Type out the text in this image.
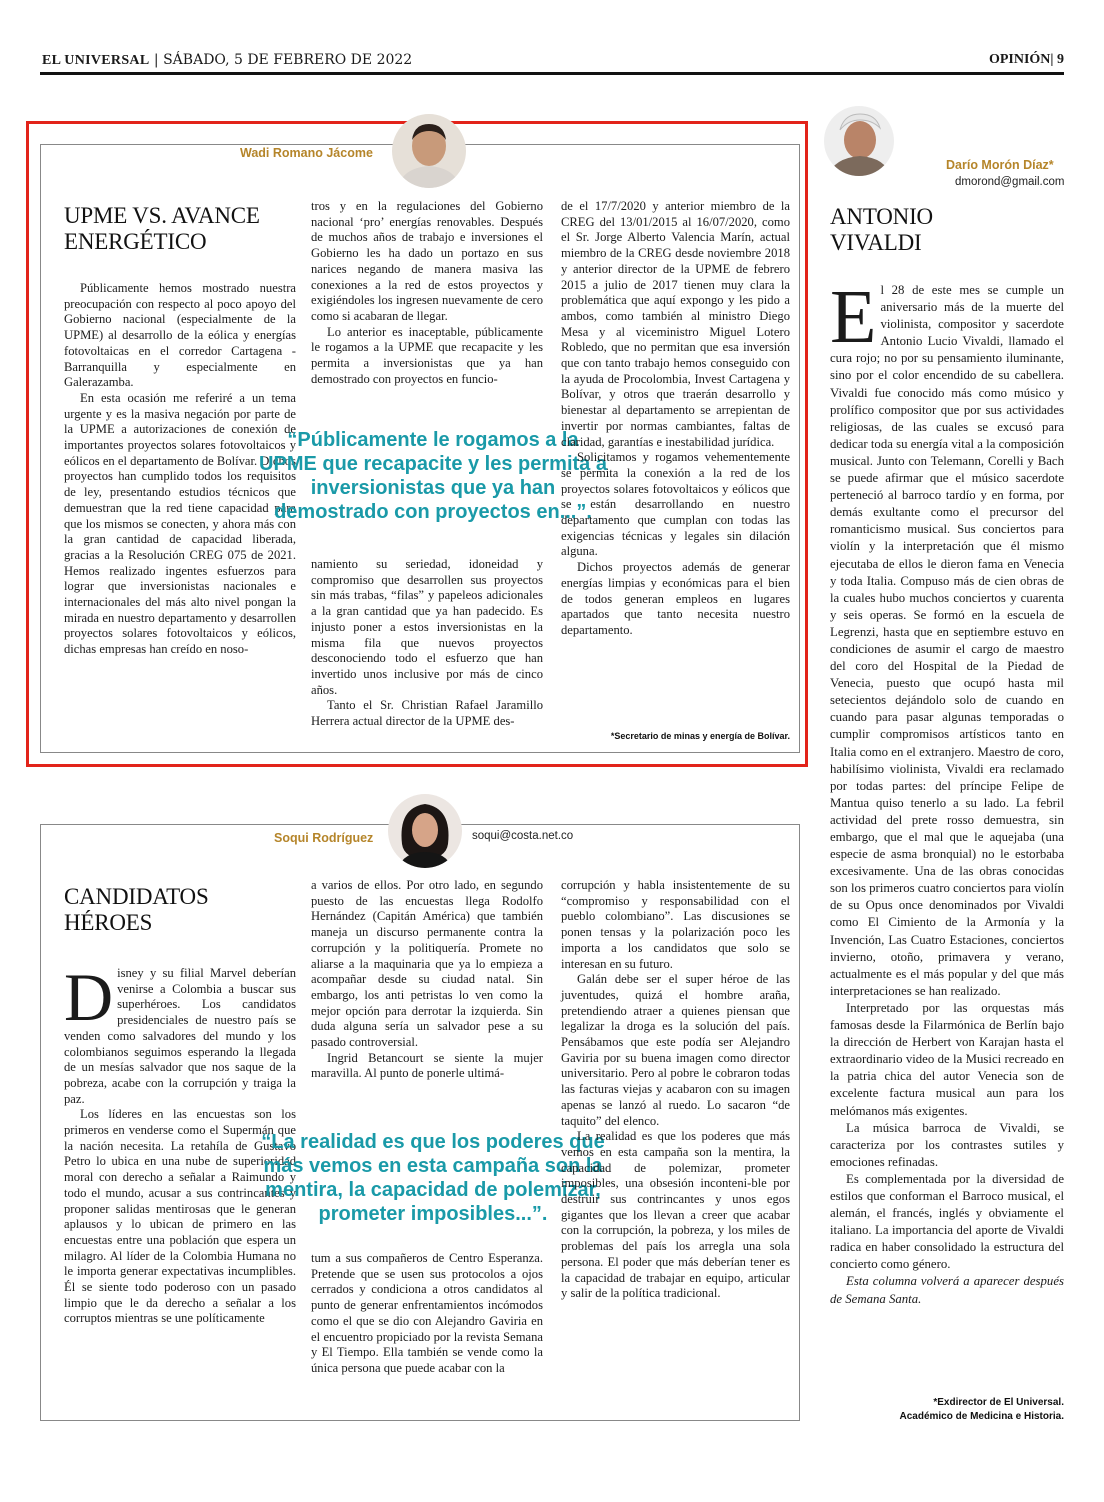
EL UNIVERSAL | SÁBADO, 5 DE FEBRERO DE 2022	OPINIÓN| 9
Wadi Romano Jácome
UPME VS. AVANCE
ENERGÉTICO

Públicamente hemos mostrado nuestra preocupación con respecto al poco apoyo del Gobierno nacional (especialmente de la UPME) al desarrollo de la eólica y energías fotovoltaicas en el corredor Cartagena - Barranquilla y especialmente en Galerazamba.

En esta ocasión me referiré a un tema urgente y es la masiva negación por parte de la UPME a autorizaciones de conexión de importantes proyectos solares fotovoltaicos y eólicos en el departamento de Bolívar. Dichos proyectos han cumplido todos los requisitos de ley, presentando estudios técnicos que demuestran que la red tiene capacidad para que los mismos se conecten, y ahora más con la gran cantidad de capacidad liberada, gracias a la Resolución CREG 075 de 2021. Hemos realizado ingentes esfuerzos para lograr que inversionistas nacionales e internacionales del más alto nivel pongan la mirada en nuestro departamento y desarrollen proyectos solares fotovoltaicos y eólicos, dichas empresas han creído en noso-

tros y en la regulaciones del Gobierno nacional ‘pro’ energías renovables. Después de muchos años de trabajo e inversiones el Gobierno les ha dado un portazo en sus narices negando de manera masiva las conexiones a la red de estos proyectos y exigiéndoles los ingresen nuevamente de cero como si acabaran de llegar.

Lo anterior es inaceptable, públicamente le rogamos a la UPME que recapacite y les permita a inversionistas que ya han demostrado con proyectos en funcio-

“Públicamente le rogamos a la UPME que recapacite y les permita a inversionistas que ya han demostrado con proyectos en...”.

namiento su seriedad, idoneidad y compromiso que desarrollen sus proyectos sin más trabas, “filas” y papeleos adicionales a la gran cantidad que ya han padecido. Es injusto poner a estos inversionistas en la misma fila que nuevos proyectos desconociendo todo el esfuerzo que han invertido unos inclusive por más de cinco años.

Tanto el Sr. Christian Rafael Jaramillo Herrera actual director de la UPME des-

de el 17/7/2020 y anterior miembro de la CREG del 13/01/2015 al 16/07/2020, como el Sr. Jorge Alberto Valencia Marín, actual miembro de la CREG desde noviembre 2018 y anterior director de la UPME de febrero 2015 a julio de 2017 tienen muy clara la problemática que aquí expongo y les pido a ambos, como también al ministro Diego Mesa y al viceministro Miguel Lotero Robledo, que no permitan que esa inversión que con tanto trabajo hemos conseguido con la ayuda de Procolombia, Invest Cartagena y Bolívar, y otros que traerán desarrollo y bienestar al departamento se arrepientan de invertir por normas cambiantes, faltas de claridad, garantías e inestabilidad jurídica.

Solicitamos y rogamos vehementemente se permita la conexión a la red de los proyectos solares fotovoltaicos y eólicos que se están desarrollando en nuestro departamento que cumplan con todas las exigencias técnicas y legales sin dilación alguna.

Dichos proyectos además de generar energías limpias y económicas para el bien de todos generan empleos en lugares apartados que tanto necesita nuestro departamento.

*Secretario de minas y energía de Bolívar.
Soqui Rodríguez	soqui@costa.net.co
CANDIDATOS
HÉROES

Disney y su filial Marvel deberían venirse a Colombia a buscar sus superhéroes. Los candidatos presidenciales de nuestro país se venden como salvadores del mundo y los colombianos seguimos esperando la llegada de un mesías salvador que nos saque de la pobreza, acabe con la corrupción y traiga la paz.

Los líderes en las encuestas son los primeros en venderse como el Supermán que la nación necesita. La retahíla de Gustavo Petro lo ubica en una nube de superioridad moral con derecho a señalar a Raimundo y todo el mundo, acusar a sus contrincantes y proponer salidas mentirosas que le generan aplausos y lo ubican de primero en las encuestas entre una población que espera un milagro. Al líder de la Colombia Humana no le importa generar expectativas incumplibles. Él se siente todo poderoso con un pasado limpio que le da derecho a señalar a los corruptos mientras se une políticamente

a varios de ellos. Por otro lado, en segundo puesto de las encuestas llega Rodolfo Hernández (Capitán América) que también maneja un discurso permanente contra la corrupción y la politiquería. Promete no aliarse a la maquinaria que ya lo empieza a acompañar desde su ciudad natal. Sin embargo, los anti petristas lo ven como la mejor opción para derrotar la izquierda. Sin duda alguna sería un salvador pese a su pasado controversial.

Ingrid Betancourt se siente la mujer maravilla. Al punto de ponerle ultimá-

“La realidad es que los poderes que más vemos en esta campaña son la mentira, la capacidad de polemizar, prometer imposibles...”.

tum a sus compañeros de Centro Esperanza. Pretende que se usen sus protocolos a ojos cerrados y condiciona a otros candidatos al punto de generar enfrentamientos incómodos como el que se dio con Alejandro Gaviria en el encuentro propiciado por la revista Semana y El Tiempo. Ella también se vende como la única persona que puede acabar con la

corrupción y habla insistentemente de su “compromiso y responsabilidad con el pueblo colombiano”. Las discusiones se ponen tensas y la polarización poco les importa a los candidatos que solo se interesan en su futuro.

Galán debe ser el super héroe de las juventudes, quizá el hombre araña, pretendiendo atraer a quienes piensan que legalizar la droga es la solución del país. Pensábamos que este podía ser Alejandro Gaviria por su buena imagen como director universitario. Pero al pobre le cobraron todas las facturas viejas y acabaron con su imagen apenas se lanzó al ruedo. Lo sacaron “de taquito” del elenco.

La realidad es que los poderes que más vemos en esta campaña son la mentira, la capacidad de polemizar, prometer imposibles, una obsesión inconteni-ble por destruir sus contrincantes y unos egos gigantes que los llevan a creer que acabar con la corrupción, la pobreza, y los miles de problemas del país los arregla una sola persona. El poder que más deberían tener es la capacidad de trabajar en equipo, articular y salir de la política tradicional.

Darío Morón Díaz*
dmorond@gmail.com
ANTONIO
VIVALDI

El 28 de este mes se cumple un aniversario más de la muerte del violinista, compositor y sacerdote Antonio Lucio Vivaldi, llamado el cura rojo; no por su pensamiento iluminante, sino por el color encendido de su cabellera. Vivaldi fue conocido más como músico y prolífico compositor que por sus actividades religiosas, de las cuales se excusó para dedicar toda su energía vital a la composición musical. Junto con Telemann, Corelli y Bach se puede afirmar que el músico sacerdote perteneció al barroco tardío y en forma, por demás exultante como el precursor del romanticismo musical. Sus conciertos para violín y la interpretación que él mismo ejecutaba de ellos le dieron fama en Venecia y toda Italia. Compuso más de cien obras de la cuales hubo muchos conciertos y cuarenta y seis operas. Se formó en la escuela de Legrenzi, hasta que en septiembre estuvo en condiciones de asumir el cargo de maestro del coro del Hospital de la Piedad de Venecia, puesto que ocupó hasta mil setecientos dejándolo solo de cuando en cuando para pasar algunas temporadas o cumplir compromisos artísticos tanto en Italia como en el extranjero. Maestro de coro, habilísimo violinista, Vivaldi era reclamado por todas partes: del príncipe Felipe de Mantua quiso tenerlo a su lado. La febril actividad del prete rosso demuestra, sin embargo, que el mal que le aquejaba (una especie de asma bronquial) no le estorbaba excesivamente. Una de las obras conocidas son los primeros cuatro conciertos para violín de su Opus once denominados por Vivaldi como El Cimiento de la Armonía y la Invención, Las Cuatro Estaciones, conciertos invierno, otoño, primavera y verano, actualmente es el más popular y del que más interpretaciones se han realizado.

Interpretado por las orquestas más famosas desde la Filarmónica de Berlín bajo la dirección de Herbert von Karajan hasta el extraordinario video de la Musici recreado en la patria chica del autor Venecia son de excelente factura musical aun para los melómanos más exigentes.

La música barroca de Vivaldi, se caracteriza por los contrastes sutiles y emociones refinadas.

Es complementada por la diversidad de estilos que conforman el Barroco musical, el alemán, el francés, inglés y obviamente el italiano. La importancia del aporte de Vivaldi radica en haber consolidado la estructura del concierto como género.

Esta columna volverá a aparecer después de Semana Santa.

*Exdirector de El Universal.
Académico de Medicina e Historia.
